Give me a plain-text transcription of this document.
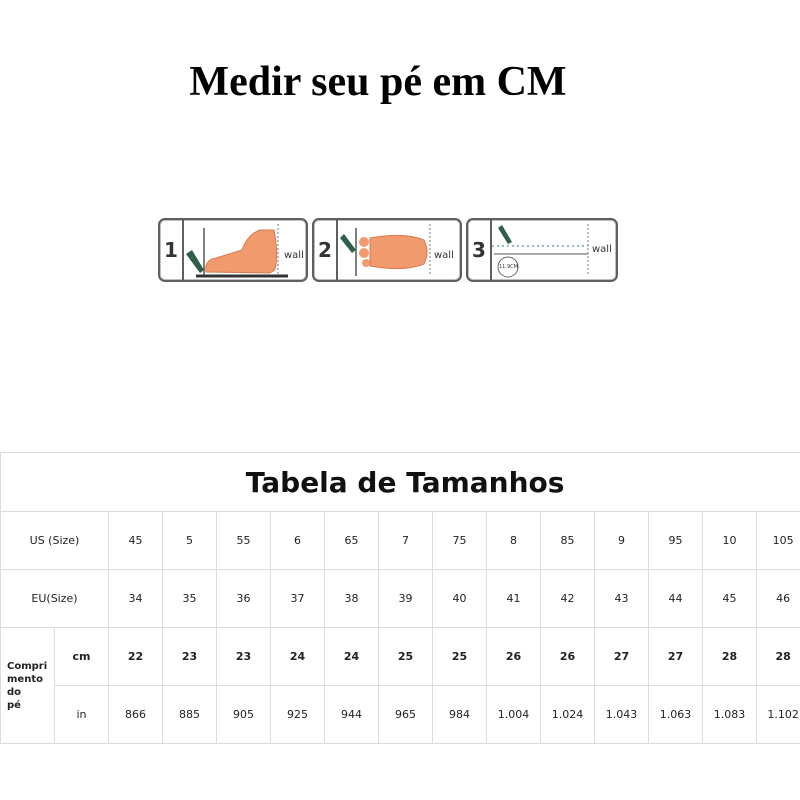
Medir seu pé em CM
1	wall 2	wall 3
11.9CM
wall
Tabela de Tamanhos														
US (Size)		45	5	55	6	65	7	75	8	85	9	95	10	105
EU(Size)		34	35	36	37	38	39	40	41	42	43	44	45	46
Compri
mento
do
pé	cm	22	23	23	24	24	25	25	26	26	27	27	28	28
	in	866	885	905	925	944	965	984	1.004	1.024	1.043	1.063	1.083	1.102
